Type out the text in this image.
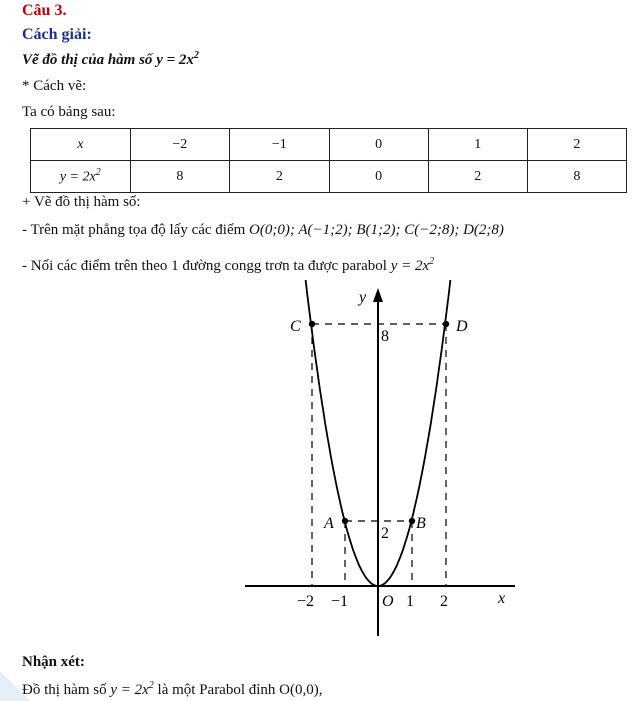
Câu 3.
Cách giải:
Vẽ đồ thị của hàm số $y = 2x^2$
* Cách vẽ:
Ta có bảng sau:
x	−2	−1	0	1	2
$y = 2x^2$	8	2	0	2	8
+ Vẽ đồ thị hàm số:
- Trên mặt phẳng tọa độ lấy các điểm O(0;0); A(−1;2); B(1;2); C(−2;8); D(2;8)
- Nối các điểm trên theo 1 đường congg trơn ta được parabol $y = 2x^2$
y
x
C	D
A	B
8
2
O
−2 −1	1 2
Nhận xét:
Đồ thị hàm số $y = 2x^2$ là một Parabol đỉnh O(0,0),
